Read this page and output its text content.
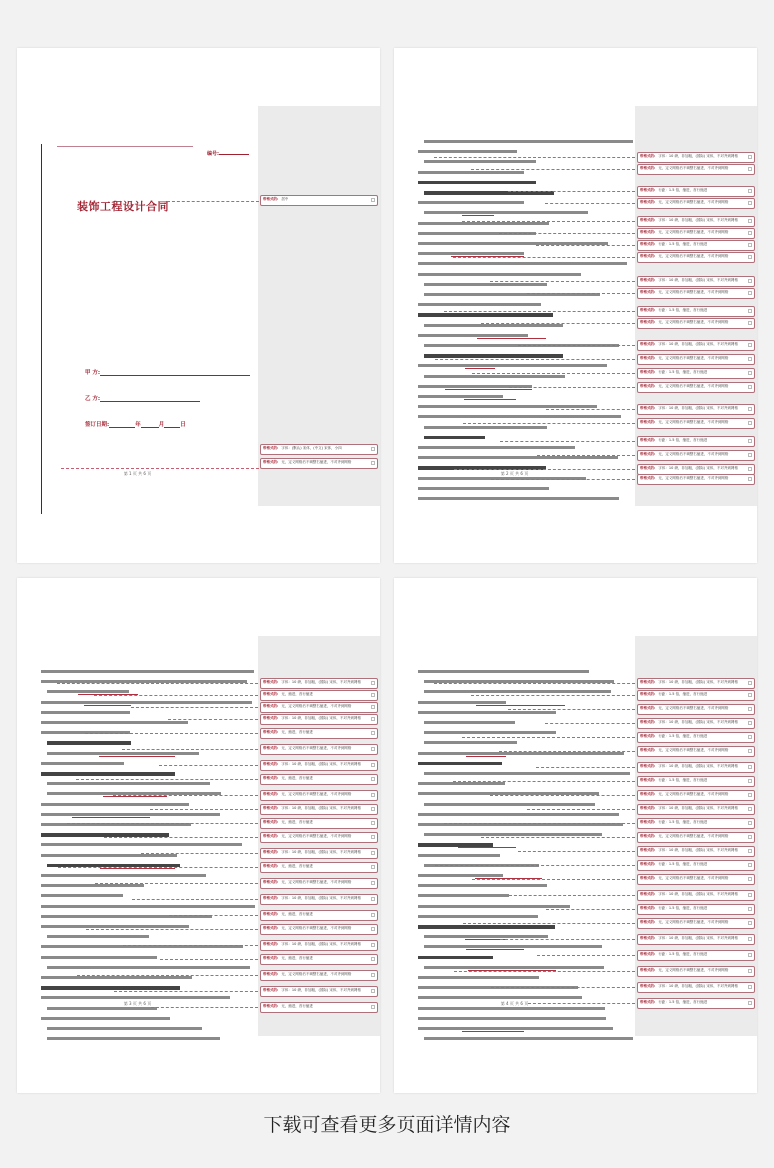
编号:
装饰工程设计合同
带格式的: 居中
甲 方:
乙 方:
签订日期:	年	月	日
带格式的: 字体：(默认) 宋体，(中文) 宋体，小四
带格式的: 无，定义网格后不调整右缩进，不对齐到网格
第 1 页 共 6 页
带格式的: 字体：10 磅，非加粗，(国际) 宋体，不对齐到网格
带格式的: 无，定义网格后不调整右缩进，不对齐到网格
带格式的: 行距：1.5 倍，缩进，首行缩进
带格式的: 无，定义网格后不调整右缩进，不对齐到网格
带格式的: 字体：10 磅，非加粗，(国际) 宋体，不对齐到网格
带格式的: 无，定义网格后不调整右缩进，不对齐到网格
带格式的: 行距：1.5 倍，缩进，首行缩进
带格式的: 无，定义网格后不调整右缩进，不对齐到网格
带格式的: 字体：10 磅，非加粗，(国际) 宋体，不对齐到网格
带格式的: 无，定义网格后不调整右缩进，不对齐到网格
带格式的: 行距：1.5 倍，缩进，首行缩进
带格式的: 无，定义网格后不调整右缩进，不对齐到网格
带格式的: 字体：10 磅，非加粗，(国际) 宋体，不对齐到网格
带格式的: 无，定义网格后不调整右缩进，不对齐到网格
带格式的: 行距：1.5 倍，缩进，首行缩进
带格式的: 无，定义网格后不调整右缩进，不对齐到网格
带格式的: 字体：10 磅，非加粗，(国际) 宋体，不对齐到网格
带格式的: 无，定义网格后不调整右缩进，不对齐到网格
带格式的: 行距：1.5 倍，缩进，首行缩进
带格式的: 无，定义网格后不调整右缩进，不对齐到网格
带格式的: 字体：10 磅，非加粗，(国际) 宋体，不对齐到网格
带格式的: 无，定义网格后不调整右缩进，不对齐到网格
第 2 页 共 6 页
带格式的: 字体：10 磅，非加粗，(国际) 宋体，不对齐到网格
带格式的: 无，缩进，首行缩进
带格式的: 无，定义网格后不调整右缩进，不对齐到网格
带格式的: 字体：10 磅，非加粗，(国际) 宋体，不对齐到网格
带格式的: 无，缩进，首行缩进
带格式的: 无，定义网格后不调整右缩进，不对齐到网格
带格式的: 字体：10 磅，非加粗，(国际) 宋体，不对齐到网格
带格式的: 无，缩进，首行缩进
带格式的: 无，定义网格后不调整右缩进，不对齐到网格
带格式的: 字体：10 磅，非加粗，(国际) 宋体，不对齐到网格
带格式的: 无，缩进，首行缩进
带格式的: 无，定义网格后不调整右缩进，不对齐到网格
带格式的: 字体：10 磅，非加粗，(国际) 宋体，不对齐到网格
带格式的: 无，缩进，首行缩进
带格式的: 无，定义网格后不调整右缩进，不对齐到网格
带格式的: 字体：10 磅，非加粗，(国际) 宋体，不对齐到网格
带格式的: 无，缩进，首行缩进
带格式的: 无，定义网格后不调整右缩进，不对齐到网格
带格式的: 字体：10 磅，非加粗，(国际) 宋体，不对齐到网格
带格式的: 无，缩进，首行缩进
带格式的: 无，定义网格后不调整右缩进，不对齐到网格
带格式的: 字体：10 磅，非加粗，(国际) 宋体，不对齐到网格
带格式的: 无，缩进，首行缩进
第 3 页 共 6 页
带格式的: 字体：10 磅，非加粗，(国际) 宋体，不对齐到网格
带格式的: 行距：1.5 倍，缩进，首行缩进
带格式的: 无，定义网格后不调整右缩进，不对齐到网格
带格式的: 字体：10 磅，非加粗，(国际) 宋体，不对齐到网格
带格式的: 行距：1.5 倍，缩进，首行缩进
带格式的: 无，定义网格后不调整右缩进，不对齐到网格
带格式的: 字体：10 磅，非加粗，(国际) 宋体，不对齐到网格
带格式的: 行距：1.5 倍，缩进，首行缩进
带格式的: 无，定义网格后不调整右缩进，不对齐到网格
带格式的: 字体：10 磅，非加粗，(国际) 宋体，不对齐到网格
带格式的: 行距：1.5 倍，缩进，首行缩进
带格式的: 无，定义网格后不调整右缩进，不对齐到网格
带格式的: 字体：10 磅，非加粗，(国际) 宋体，不对齐到网格
带格式的: 行距：1.5 倍，缩进，首行缩进
带格式的: 无，定义网格后不调整右缩进，不对齐到网格
带格式的: 字体：10 磅，非加粗，(国际) 宋体，不对齐到网格
带格式的: 行距：1.5 倍，缩进，首行缩进
带格式的: 无，定义网格后不调整右缩进，不对齐到网格
带格式的: 字体：10 磅，非加粗，(国际) 宋体，不对齐到网格
带格式的: 行距：1.5 倍，缩进，首行缩进
带格式的: 无，定义网格后不调整右缩进，不对齐到网格
带格式的: 字体：10 磅，非加粗，(国际) 宋体，不对齐到网格
带格式的: 行距：1.5 倍，缩进，首行缩进
第 4 页 共 6 页
下载可查看更多页面详情内容
